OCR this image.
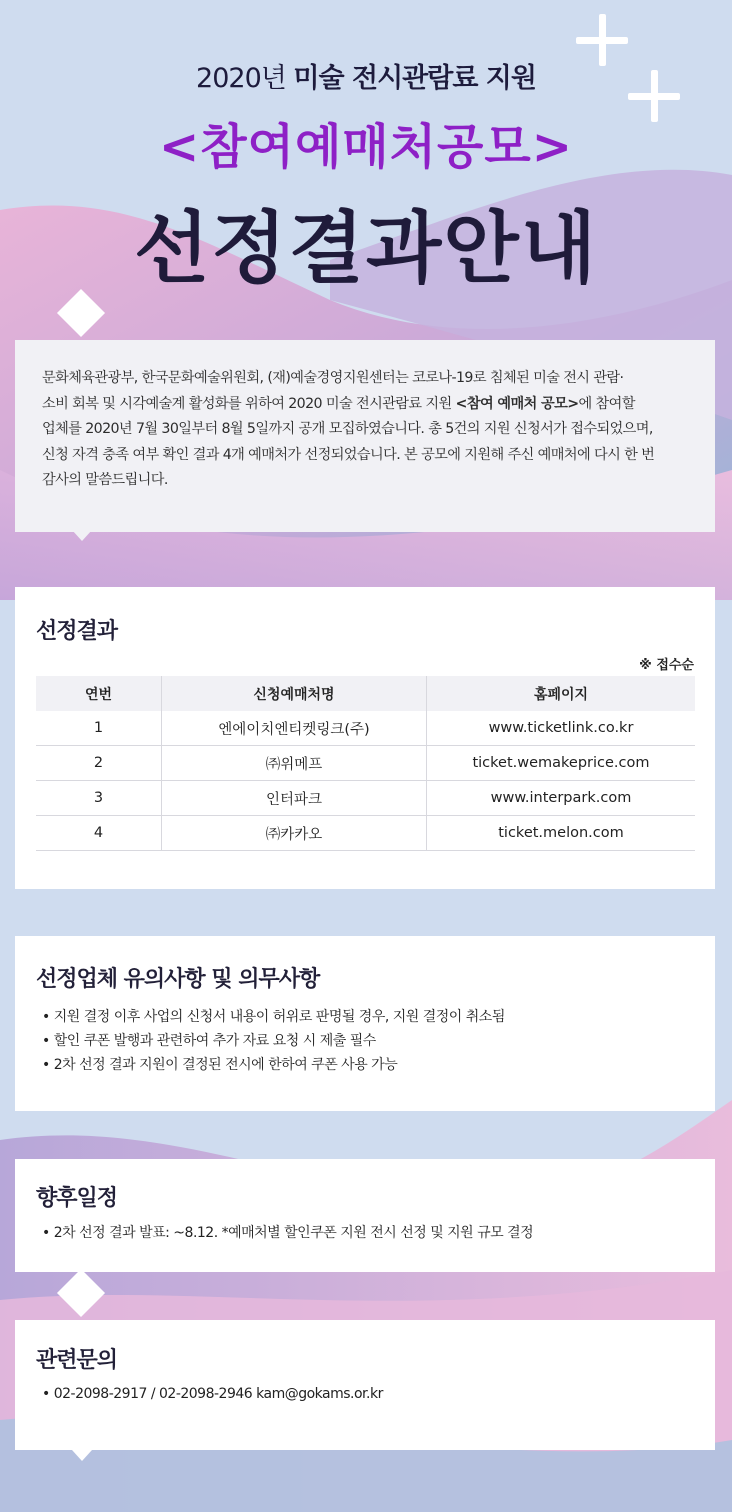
2020년 미술 전시관람료 지원
<참여예매처공모>
선정결과안내
문화체육관광부, 한국문화예술위원회, (재)예술경영지원센터는 코로나-19로 침체된 미술 전시 관람·
소비 회복 및 시각예술계 활성화를 위하여 2020 미술 전시관람료 지원 <참여 예매처 공모>에 참여할
업체를 2020년 7월 30일부터 8월 5일까지 공개 모집하였습니다. 총 5건의 지원 신청서가 접수되었으며,
신청 자격 충족 여부 확인 결과 4개 예매처가 선정되었습니다. 본 공모에 지원해 주신 예매처에 다시 한 번
감사의 말씀드립니다.
선정결과
※ 접수순
연번	신청예매처명	홈페이지
1	엔에이치엔티켓링크(주)	www.ticketlink.co.kr
2	㈜위메프	ticket.wemakeprice.com
3	인터파크	www.interpark.com
4	㈜카카오	ticket.melon.com
선정업체 유의사항 및 의무사항
• 지원 결정 이후 사업의 신청서 내용이 허위로 판명될 경우, 지원 결정이 취소됨
• 할인 쿠폰 발행과 관련하여 추가 자료 요청 시 제출 필수
• 2차 선정 결과 지원이 결정된 전시에 한하여 쿠폰 사용 가능
향후일정
• 2차 선정 결과 발표: ~8.12. *예매처별 할인쿠폰 지원 전시 선정 및 지원 규모 결정
관련문의
• 02-2098-2917 / 02-2098-2946 kam@gokams.or.kr
